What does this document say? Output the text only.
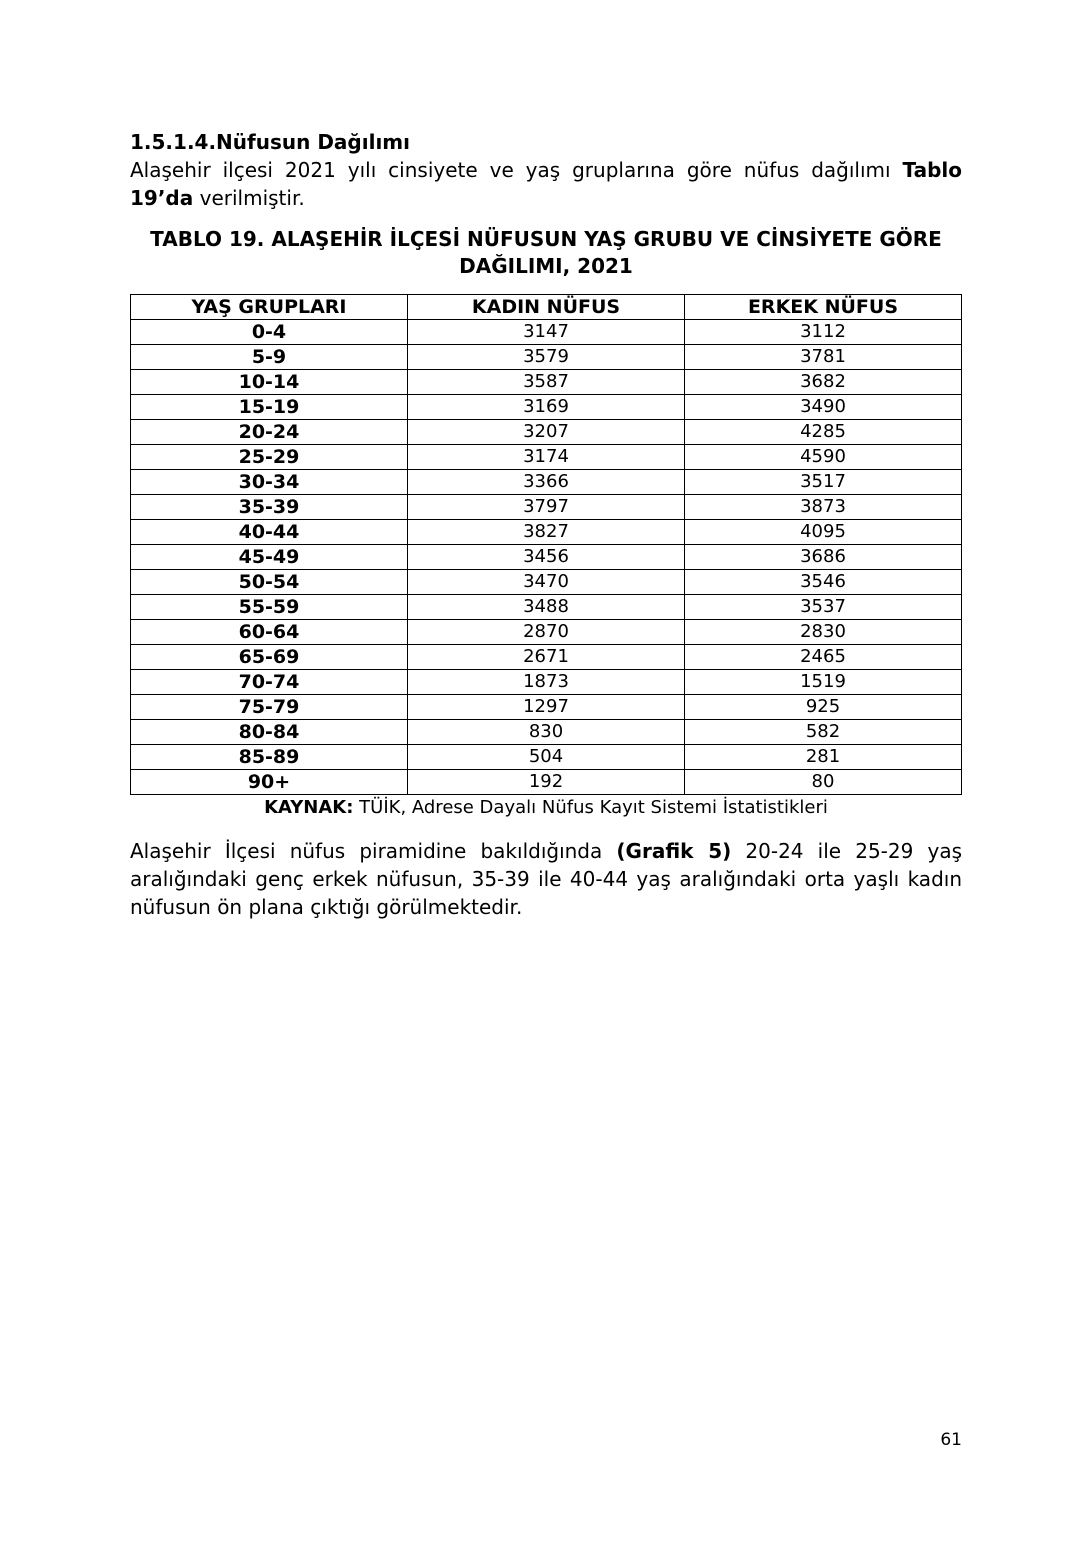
1.5.1.4.Nüfusun Dağılımı

Alaşehir ilçesi 2021 yılı cinsiyete ve yaş gruplarına göre nüfus dağılımı Tablo 19’da verilmiştir.

TABLO 19. ALAŞEHİR İLÇESİ NÜFUSUN YAŞ GRUBU VE CİNSİYETE GÖRE
DAĞILIMI, 2021
YAŞ GRUPLARI	KADIN NÜFUS	ERKEK NÜFUS
0-4	3147	3112
5-9	3579	3781
10-14	3587	3682
15-19	3169	3490
20-24	3207	4285
25-29	3174	4590
30-34	3366	3517
35-39	3797	3873
40-44	3827	4095
45-49	3456	3686
50-54	3470	3546
55-59	3488	3537
60-64	2870	2830
65-69	2671	2465
70-74	1873	1519
75-79	1297	925
80-84	830	582
85-89	504	281
90+	192	80

KAYNAK: TÜİK, Adrese Dayalı Nüfus Kayıt Sistemi İstatistikleri

Alaşehir İlçesi nüfus piramidine bakıldığında (Grafik 5) 20-24 ile 25-29 yaş aralığındaki genç erkek nüfusun, 35-39 ile 40-44 yaş aralığındaki orta yaşlı kadın nüfusun ön plana çıktığı görülmektedir.

61
